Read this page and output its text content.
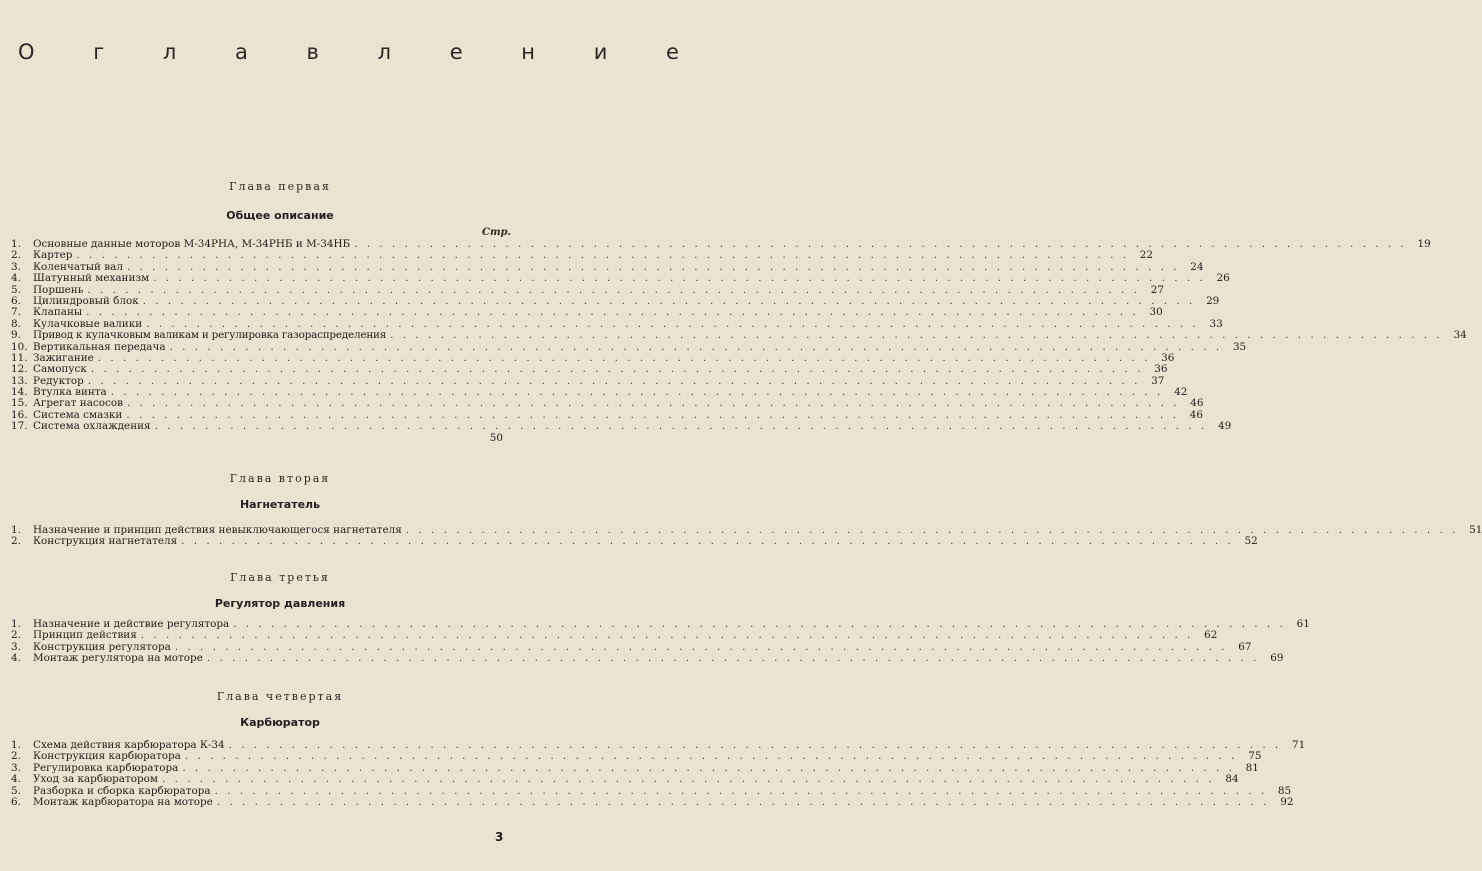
О г л а в л е н и е
Глава первая
Общее описание
Стр.
1.	Основные данные моторов М-34РНА, М-34РНБ и М-34НБ . . .	19
2.	Картер . . .	22
3.	Коленчатый вал . . .	24
4.	Шатунный механизм . . .	26
5.	Поршень . . .	27
6.	Цилиндровый блок . . .	29
7.	Клапаны . . .	30
8.	Кулачковые валики . . .	33
9.	Привод к кулачковым валикам и регулировка газораспределения . . .	34
10. Вертикальная передача . . .	35
11. Зажигание . . .	36
12. Самопуск . . .	36
13. Редуктор . . .	37
14. Втулка винта . . .	42
15. Агрегат насосов . . .	46
16. Система смазки . . .	46
17. Система охлаждения . . .	49
50
Глава вторая
Нагнетатель
1.	Назначение и принцип действия невыключающегося нагнетателя . . .	51
2.	Конструкция нагнетателя . . .	52
Глава третья
Регулятор давления
1.	Назначение и действие регулятора . . .	61
2.	Принцип действия . . .	62
3.	Конструкция регулятора . . .	67
4.	Монтаж регулятора на моторе . . .	69
Глава четвертая
Карбюратор
1.	Схема действия карбюратора К-34 . . .	71
2.	Конструкция карбюратора . . .	75
3.	Регулировка карбюратора . . .	81
4.	Уход за карбюратором . . .	84
5.	Разборка и сборка карбюратора . . .	85
6.	Монтаж карбюратора на моторе . . .	92
3
